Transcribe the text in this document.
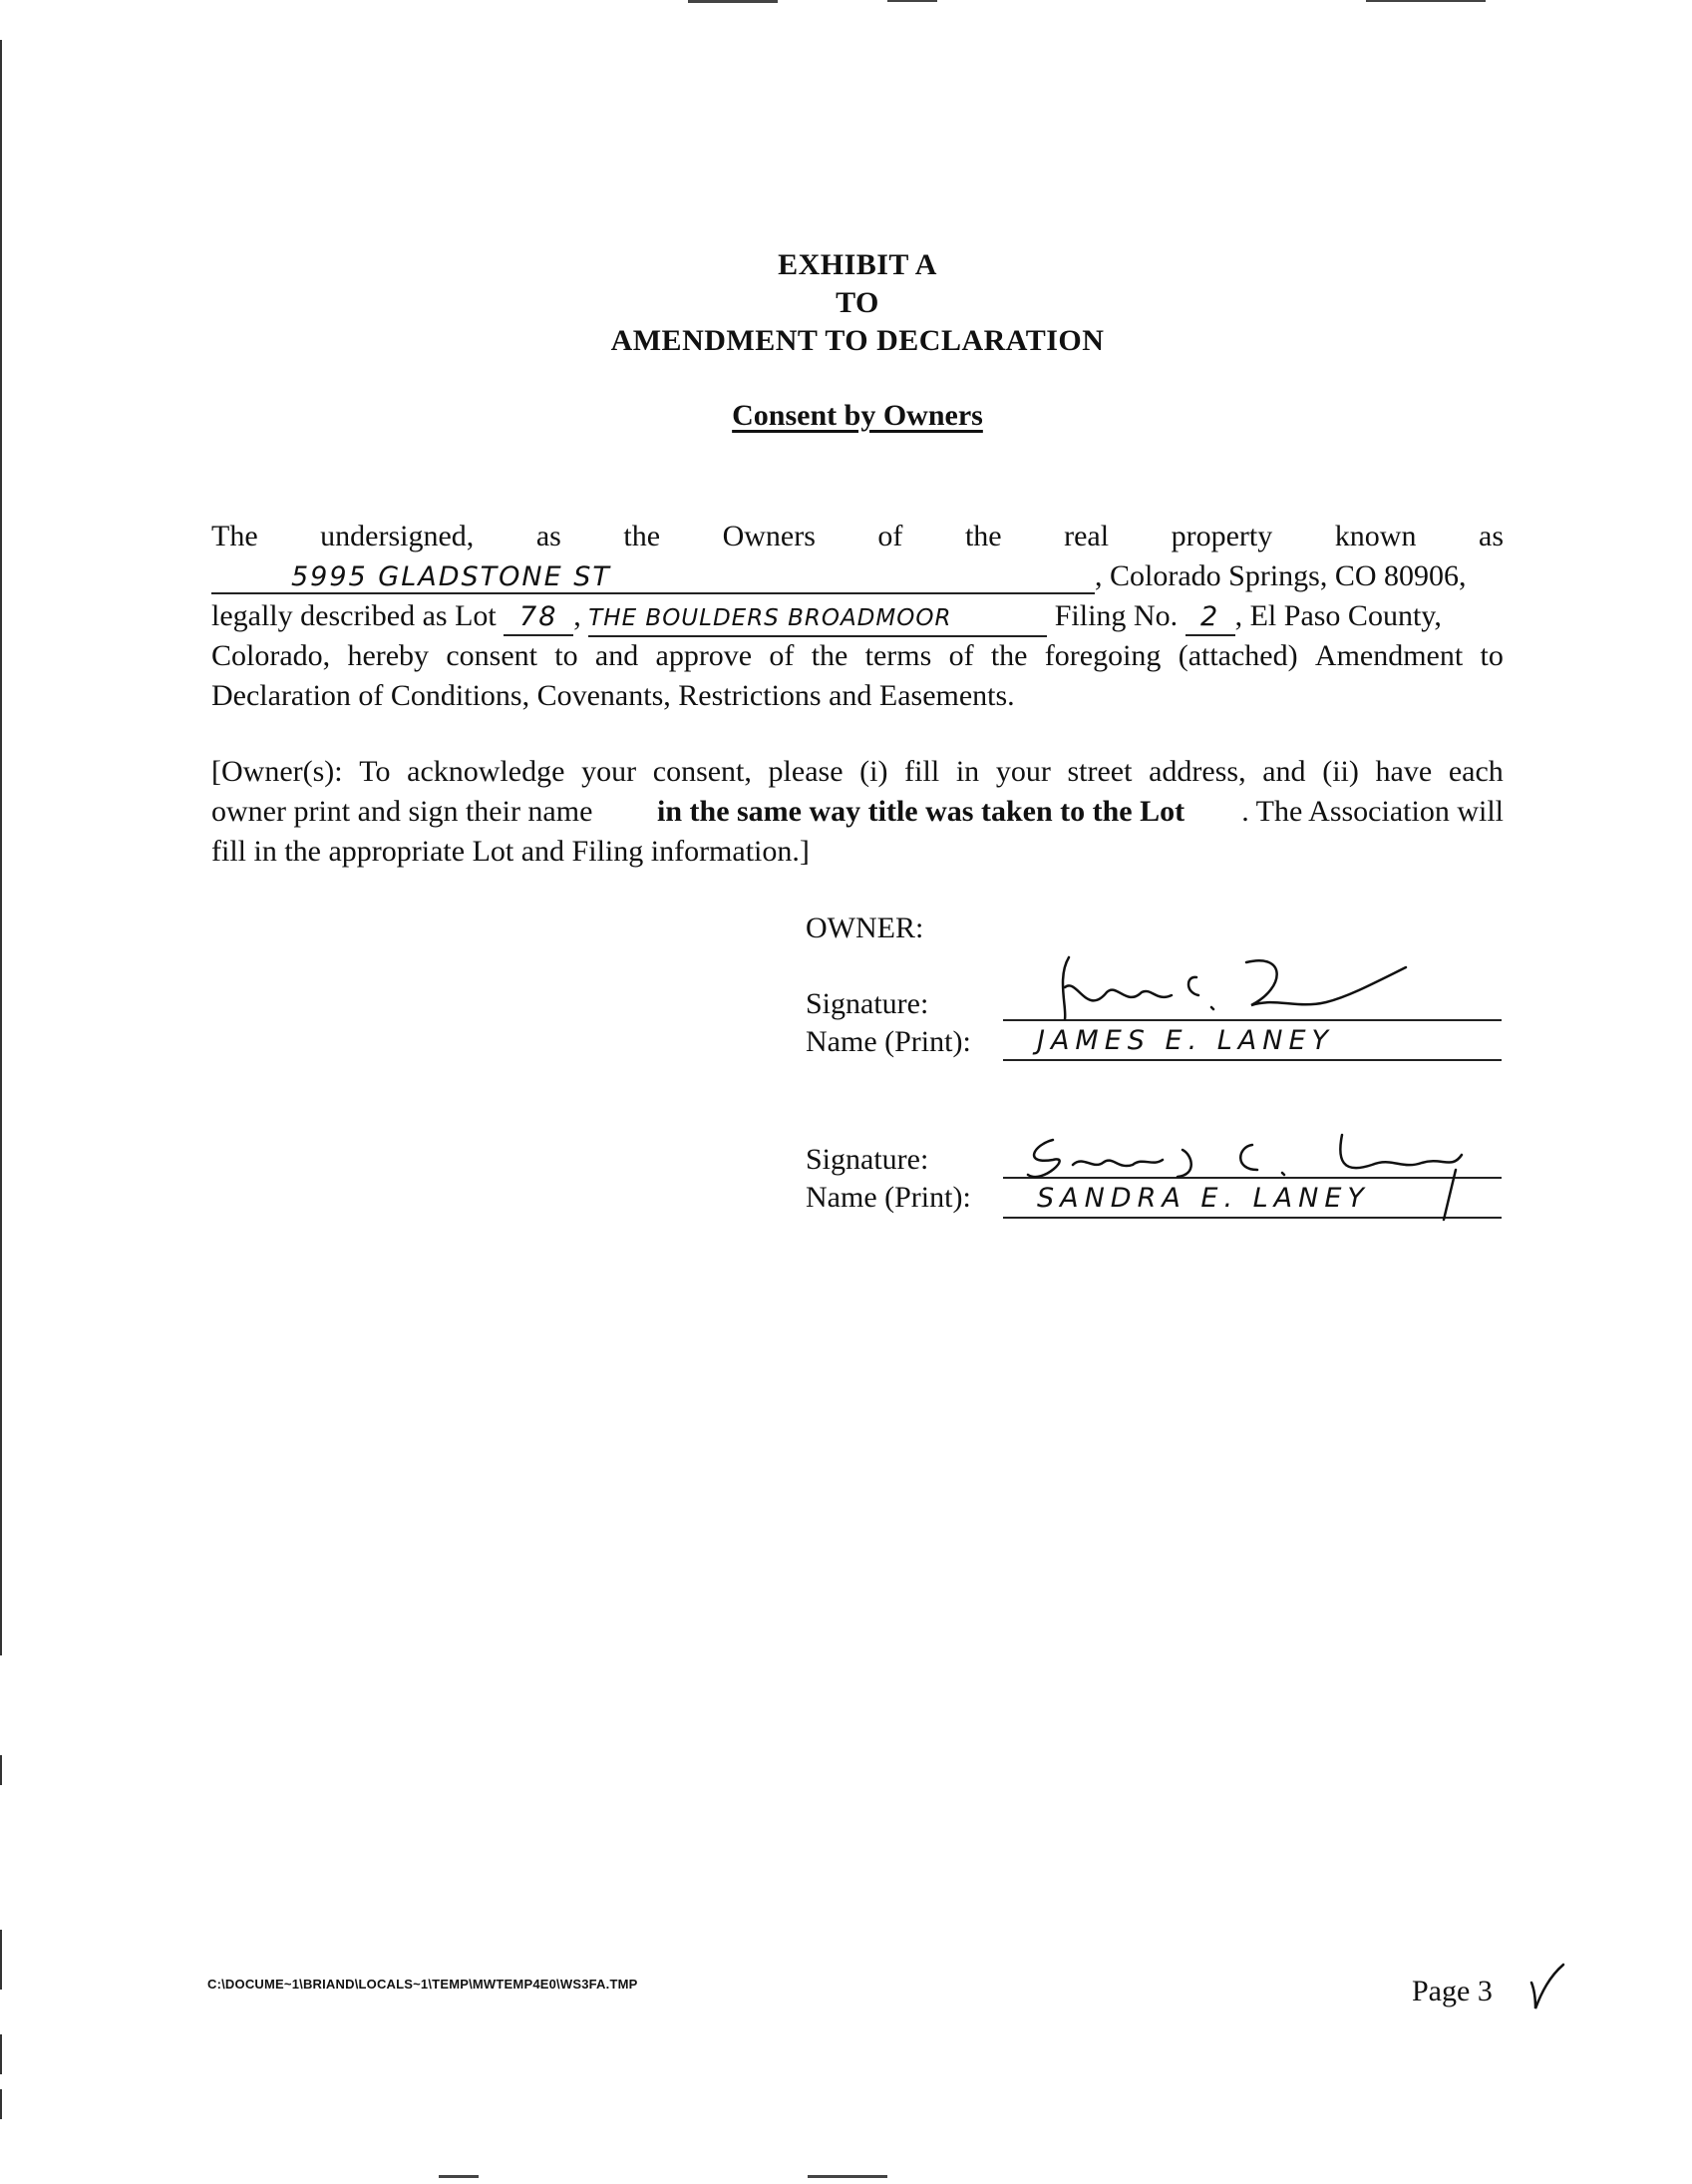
EXHIBIT A
TO
AMENDMENT TO DECLARATION
Consent by Owners
The undersigned, as the Owners of the real property known as
5995 GLADSTONE ST	, Colorado Springs, CO 80906,
legally described as Lot 78 , THE BOULDERS BROADMOOR	Filing No. 2 , El Paso County,
Colorado, hereby consent to and approve of the terms of the foregoing (attached) Amendment to
Declaration of Conditions, Covenants, Restrictions and Easements.
[Owner(s): To acknowledge your consent, please (i) fill in your street address, and (ii) have each
owner print and sign their name in the same way title was taken to the Lot . The Association will
fill in the appropriate Lot and Filing information.]
OWNER:
Signature:
Name (Print): JAMES E. LANEY
Signature:
Name (Print): SANDRA E. LANEY
C:\DOCUME~1\BRIAND\LOCALS~1\TEMP\MWTEMP4E0\WS3FA.TMP	Page 3
